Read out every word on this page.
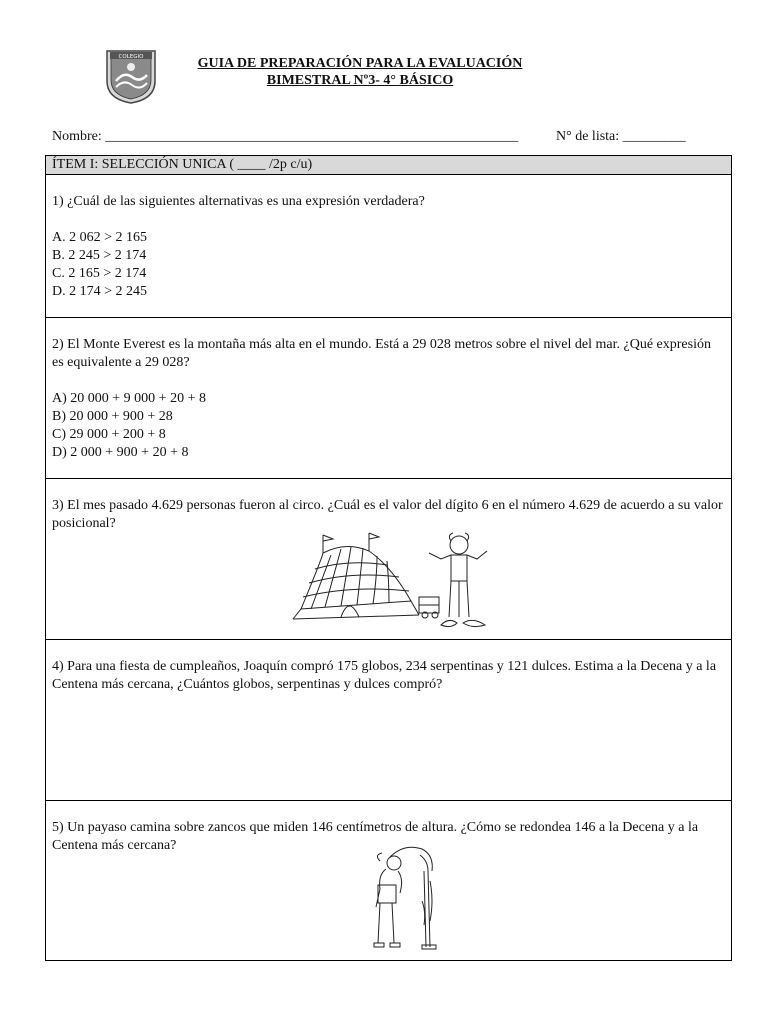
COLEGIO	GUIA DE PREPARACIÓN PARA LA EVALUACIÓN
BIMESTRAL Nº3- 4° BÁSICO
Nombre: ___________________________________________________________	N° de lista: _________
ÍTEM I: SELECCIÓN UNICA ( ____ /2p c/u)

1) ¿Cuál de las siguientes alternativas es una expresión verdadera?

A. 2 062 > 2 165

B. 2 245 > 2 174

C. 2 165 > 2 174

D. 2 174 > 2 245

2) El Monte Everest es la montaña más alta en el mundo. Está a 29 028 metros sobre el nivel del mar. ¿Qué expresión es equivalente a 29 028?

A) 20 000 + 9 000 + 20 + 8

B) 20 000 + 900 + 28

C) 29 000 + 200 + 8

D) 2 000 + 900 + 20 + 8

3) El mes pasado 4.629 personas fueron al circo. ¿Cuál es el valor del dígito 6 en el número 4.629 de acuerdo a su valor posicional?

4) Para una fiesta de cumpleaños, Joaquín compró 175 globos, 234 serpentinas y 121 dulces. Estima a la Decena y a la Centena más cercana, ¿Cuántos globos, serpentinas y dulces compró?

5) Un payaso camina sobre zancos que miden 146 centímetros de altura. ¿Cómo se redondea 146 a la Decena y a la Centena más cercana?
